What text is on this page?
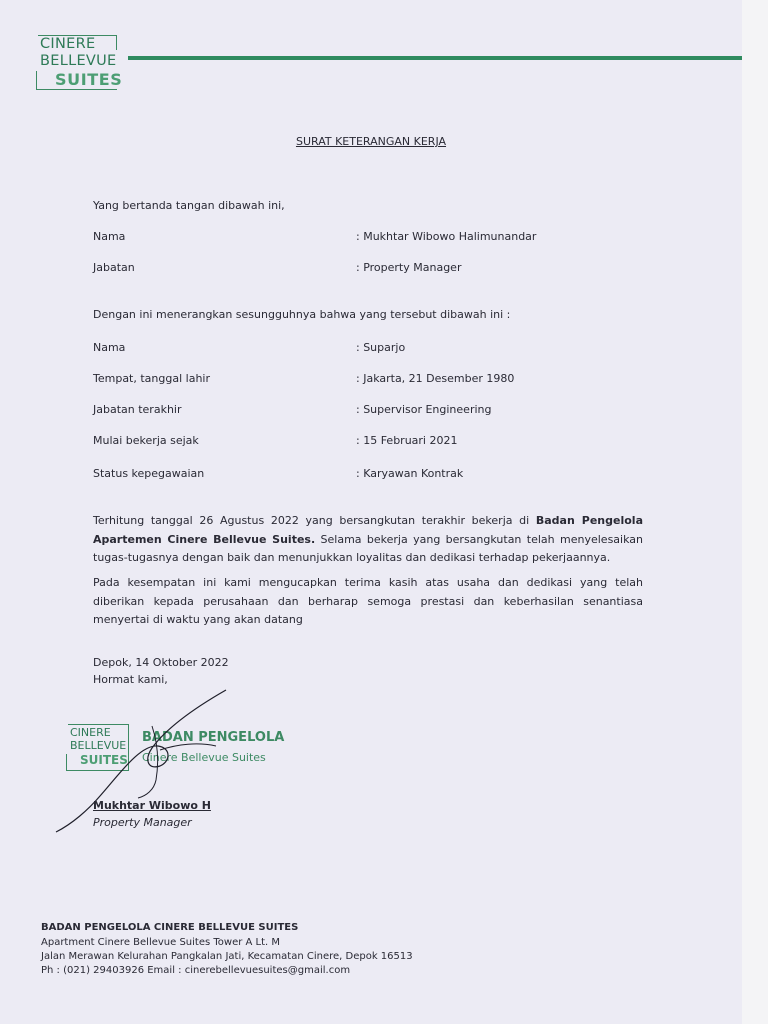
CINERE
BELLEVUE
SUITES
SURAT KETERANGAN KERJA
Yang bertanda tangan dibawah ini,
Nama	: Mukhtar Wibowo Halimunandar
Jabatan	: Property Manager
Dengan ini menerangkan sesungguhnya bahwa yang tersebut dibawah ini :
Nama	: Suparjo
Tempat, tanggal lahir	: Jakarta, 21 Desember 1980
Jabatan terakhir	: Supervisor Engineering
Mulai bekerja sejak	: 15 Februari 2021
Status kepegawaian	: Karyawan Kontrak
Terhitung tanggal 26 Agustus 2022 yang bersangkutan terakhir bekerja di Badan Pengelola Apartemen Cinere Bellevue Suites. Selama bekerja yang bersangkutan telah menyelesaikan tugas-tugasnya dengan baik dan menunjukkan loyalitas dan dedikasi terhadap pekerjaannya.
Pada kesempatan ini kami mengucapkan terima kasih atas usaha dan dedikasi yang telah diberikan kepada perusahaan dan berharap semoga prestasi dan keberhasilan senantiasa menyertai di waktu yang akan datang
Depok, 14 Oktober 2022
Hormat kami,
CINERE
BELLEVUE
SUITES
BADAN PENGELOLA
Cinere Bellevue Suites
Mukhtar Wibowo H
Property Manager
BADAN PENGELOLA CINERE BELLEVUE SUITES
Apartment Cinere Bellevue Suites Tower A Lt. M
Jalan Merawan Kelurahan Pangkalan Jati, Kecamatan Cinere, Depok 16513
Ph : (021) 29403926 Email : cinerebellevuesuites@gmail.com
